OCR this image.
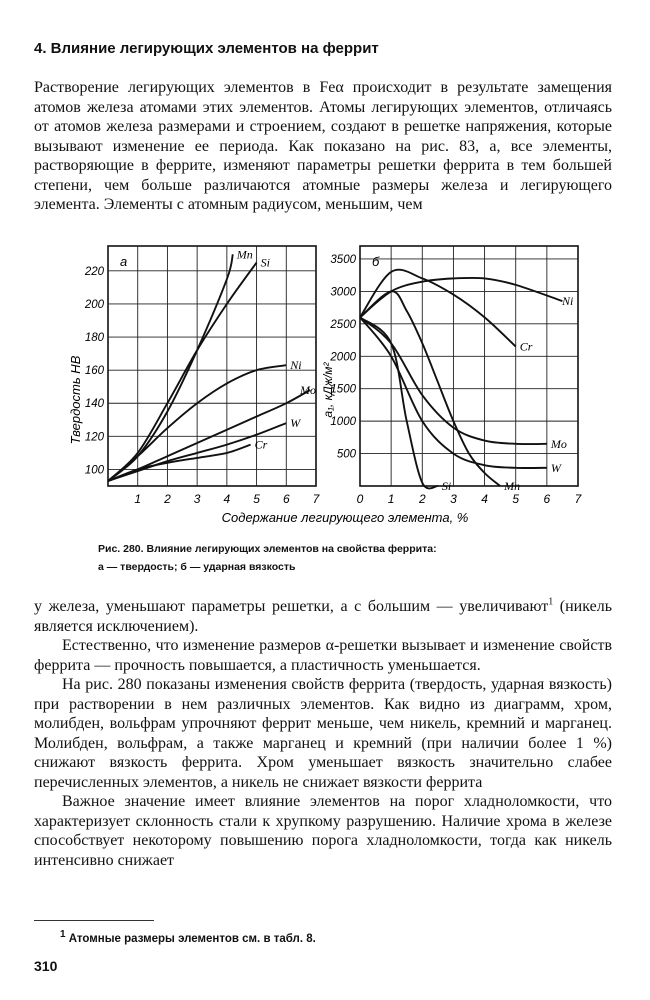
4. Влияние легирующих элементов на феррит

Растворение легирующих элементов в Feα происходит в результате замещения атомов железа атомами этих элементов. Атомы легирующих элементов, отличаясь от атомов железа размерами и строением, создают в решетке напряжения, которые вызывают изменение ее периода. Как показано на рис. 83, а, все элементы, растворяющие в феррите, изменяют параметры решетки феррита в тем большей степени, чем больше различаются атомные размеры железа и легирующего элемента. Элементы с атомным радиусом, меньшим, чем

Mn
Si
Ni
Mo
W
Cr
1 2 3 4 5 6 7
100
120
140
160
180
200
220
а
Твердость НВ
Ni
Cr
Mn
Mo
W
Si
0 1 2 3 4 5 6 7
500
1000
1500
2000
2500
3000
3500 б
а₁, кДж/м²
Содержание легирующего элемента, %
Рис. 280. Влияние легирующих элементов на свойства феррита:
а — твердость; б — ударная вязкость

у железа, уменьшают параметры решетки, а с большим — увеличивают$^1$ (никель является исключением).

Естественно, что изменение размеров α-решетки вызывает и изменение свойств феррита — прочность повышается, а пластичность уменьшается.

На рис. 280 показаны изменения свойств феррита (твердость, ударная вязкость) при растворении в нем различных элементов. Как видно из диаграмм, хром, молибден, вольфрам упрочняют феррит меньше, чем никель, кремний и марганец. Молибден, вольфрам, а также марганец и кремний (при наличии более 1 %) снижают вязкость феррита. Хром уменьшает вязкость значительно слабее перечисленных элементов, а никель не снижает вязкости феррита

Важное значение имеет влияние элементов на порог хладноломкости, что характеризует склонность стали к хрупкому разрушению. Наличие хрома в железе способствует некоторому повышению порога хладноломкости, тогда как никель интенсивно снижает

$^1$ Атомные размеры элементов см. в табл. 8.
310
